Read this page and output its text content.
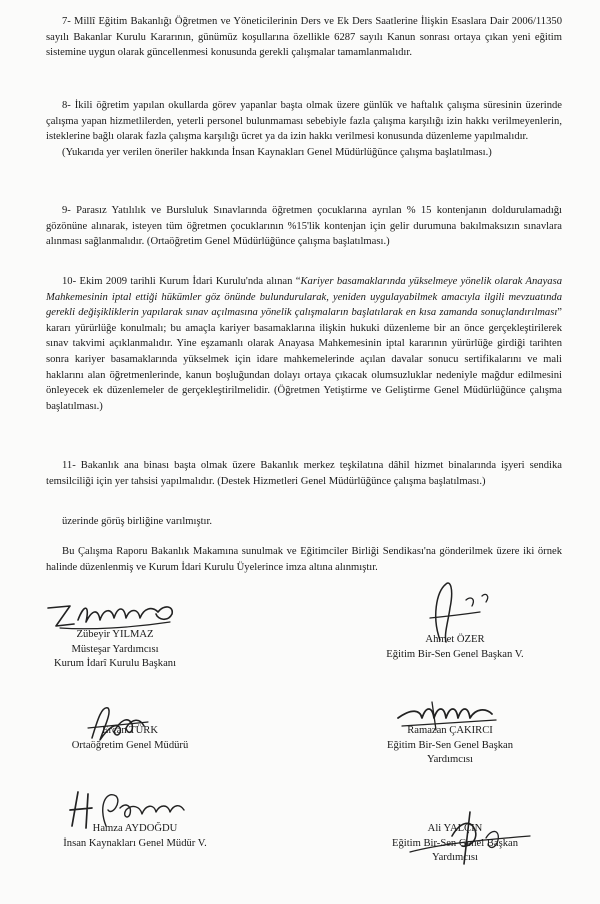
7- Millî Eğitim Bakanlığı Öğretmen ve Yöneticilerinin Ders ve Ek Ders Saatlerine İlişkin Esaslara Dair 2006/11350 sayılı Bakanlar Kurulu Kararının, günümüz koşullarına özellikle 6287 sayılı Kanun sonrası ortaya çıkan yeni eğitim sistemine uygun olarak güncellenmesi konusunda gerekli çalışmalar tamamlanmalıdır.

8- İkili öğretim yapılan okullarda görev yapanlar başta olmak üzere günlük ve haftalık çalışma süresinin üzerinde çalışma yapan hizmetlilerden, yeterli personel bulunmaması sebebiyle fazla çalışma karşılığı izin hakkı verilmeyenlerin, isteklerine bağlı olarak fazla çalışma karşılığı ücret ya da izin hakkı verilmesi konusunda düzenleme yapılmalıdır.
(Yukarıda yer verilen öneriler hakkında İnsan Kaynakları Genel Müdürlüğünce çalışma başlatılması.)

9- Parasız Yatılılık ve Bursluluk Sınavlarında öğretmen çocuklarına ayrılan % 15 kontenjanın doldurulamadığı gözönüne alınarak, isteyen tüm öğretmen çocuklarının %15'lik kontenjan için gelir durumuna bakılmaksızın sınavlara alınması sağlanmalıdır. (Ortaöğretim Genel Müdürlüğünce çalışma başlatılması.)

10- Ekim 2009 tarihli Kurum İdari Kurulu'nda alınan “Kariyer basamaklarında yükselmeye yönelik olarak Anayasa Mahkemesinin iptal ettiği hükümler göz önünde bulundurularak, yeniden uygulayabilmek amacıyla ilgili mevzuatında gerekli değişikliklerin yapılarak sınav açılmasına yönelik çalışmaların başlatılarak en kısa zamanda sonuçlandırılması” kararı yürürlüğe konulmalı; bu amaçla kariyer basamaklarına ilişkin hukuki düzenleme bir an önce gerçekleştirilerek sınav takvimi açıklanmalıdır. Yine eşzamanlı olarak Anayasa Mahkemesinin iptal kararının yürürlüğe girdiği tarihten sonra kariyer basamaklarında yükselmek için idare mahkemelerinde açılan davalar sonucu sertifikalarını ve mali haklarını alan öğretmenlerinde, kanun boşluğundan dolayı ortaya çıkacak olumsuzluklar nedeniyle mağdur edilmesini önleyecek ek düzenlemeler de gerçekleştirilmelidir. (Öğretmen Yetiştirme ve Geliştirme Genel Müdürlüğünce çalışma başlatılması.)

11- Bakanlık ana binası başta olmak üzere Bakanlık merkez teşkilatına dâhil hizmet binalarında işyeri sendika temsilciliği için yer tahsisi yapılmalıdır. (Destek Hizmetleri Genel Müdürlüğünce çalışma başlatılması.)

üzerinde görüş birliğine varılmıştır.

Bu Çalışma Raporu Bakanlık Makamına sunulmak ve Eğitimciler Birliği Sendikası'na gönderilmek üzere iki örnek halinde düzenlenmiş ve Kurum İdari Kurulu Üyelerince imza altına alınmıştır.

Zübeyir YILMAZ
Müsteşar Yardımcısı
Kurum İdarî Kurulu Başkanı
Ahmet ÖZER
Eğitim Bir-Sen Genel Başkan V.
Ercan TÜRK
Ortaöğretim Genel Müdürü
Ramazan ÇAKIRCI
Eğitim Bir-Sen Genel Başkan
Yardımcısı
Hamza AYDOĞDU
İnsan Kaynakları Genel Müdür V.
Ali YALÇIN
Eğitim Bir-Sen Genel Başkan
Yardımcısı
